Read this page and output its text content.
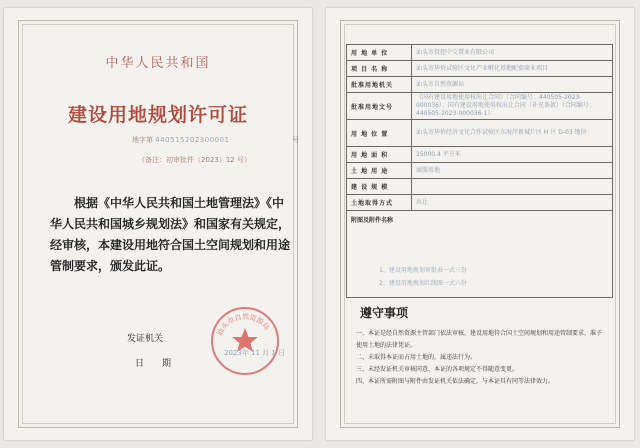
中华人民共和国
建设用地规划许可证
地字第 440515202300001	号
（备注：初审批件（2023）12 号）
根据《中华人民共和国土地管理法》《中华人民共和国城乡规划法》和国家有关规定，经审核，本建设用地符合国土空间规划和用途管制要求，颁发此证。
发证机关
日　　期
汕头市自然资源局
2023年 11 月 1 日
用 地 单 位	汕头市投控中交置业有限公司
项 目 名 称	汕头市华侨试验区文化产业孵化基地配套商业项目
批准用地机关	汕头市自然资源局
批准用地文号	《国有建设用地使用权出让合同》（合同编号：440505-2023-000036）、国有建设用地使用权出让合同（补充条款）（合同编号：440505-2023-000036-1）
用 地 位 置	汕头市华侨经济文化合作试验区东海岸新城片区 H 区 D-03 地块
用 地 面 积	15000.4 平方米
土 地 用 途	商服用地
建 设 规 模	
土地取得方式	出让

附图及附件名称
1、建设用地规划审批表一式三份
2、建设用地规划红线图一式六份	
遵守事项
一、本证是经自然资源主管部门依法审核，建设用地符合国土空间规划和用途管制要求，准予使用土地的法律凭证。
二、未取得本证而占用土地的，属违法行为。
三、未经发证机关审核同意，本证的各项规定不得随意变更。
四、本证所需附图与附件由发证机关依法确定，与本证具有同等法律效力。
